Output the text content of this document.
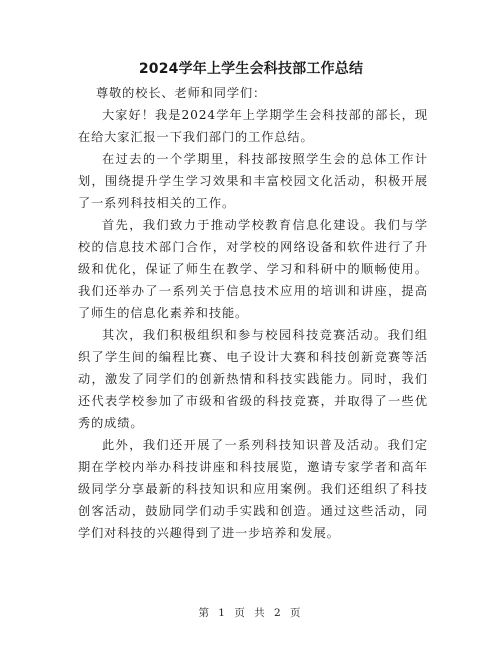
2024学年上学生会科技部工作总结

尊敬的校长、老师和同学们：

大家好！我是2024学年上学期学生会科技部的部长，现在给大家汇报一下我们部门的工作总结。

在过去的一个学期里，科技部按照学生会的总体工作计划，围绕提升学生学习效果和丰富校园文化活动，积极开展了一系列科技相关的工作。

首先，我们致力于推动学校教育信息化建设。我们与学校的信息技术部门合作，对学校的网络设备和软件进行了升级和优化，保证了师生在教学、学习和科研中的顺畅使用。我们还举办了一系列关于信息技术应用的培训和讲座，提高了师生的信息化素养和技能。

其次，我们积极组织和参与校园科技竞赛活动。我们组织了学生间的编程比赛、电子设计大赛和科技创新竞赛等活动，激发了同学们的创新热情和科技实践能力。同时，我们还代表学校参加了市级和省级的科技竞赛，并取得了一些优秀的成绩。

此外，我们还开展了一系列科技知识普及活动。我们定期在学校内举办科技讲座和科技展览，邀请专家学者和高年级同学分享最新的科技知识和应用案例。我们还组织了科技创客活动，鼓励同学们动手实践和创造。通过这些活动，同学们对科技的兴趣得到了进一步培养和发展。

第 1 页 共 2 页
